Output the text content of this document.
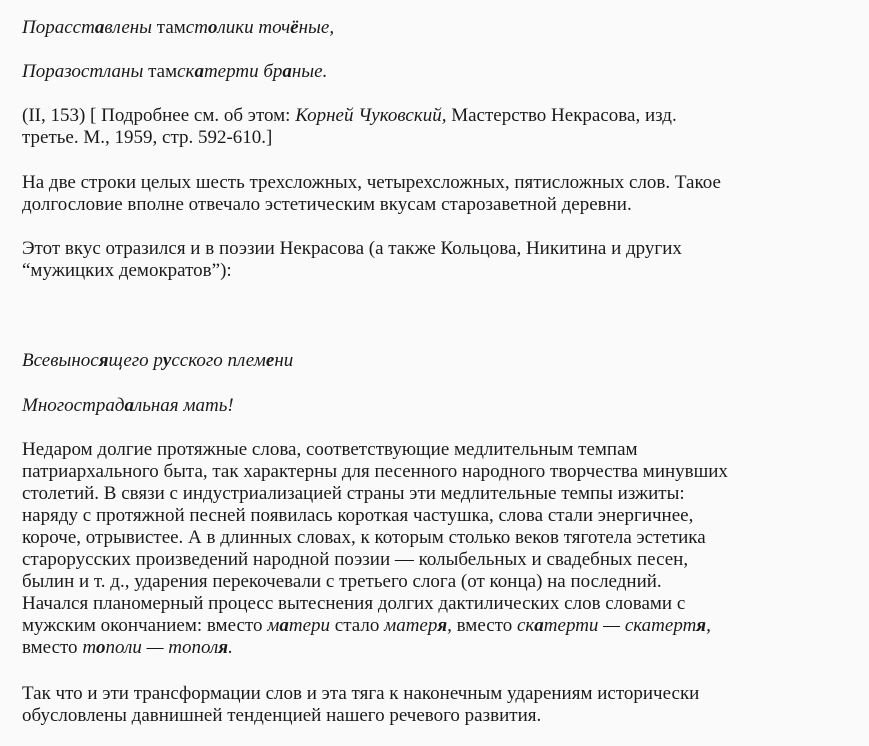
Порасставлены тамстолики точёные,

Поразостланы тамскатерти браные.

(II, 153) [ Подробнее см. об этом: Корней Чуковский, Мастерство Некрасова, изд.

третье. М., 1959, стр. 592-610.]

На две строки целых шесть трехсложных, четырехсложных, пятисложных слов. Такое

долгословие вполне отвечало эстетическим вкусам старозаветной деревни.

Этот вкус отразился и в поэзии Некрасова (а также Кольцова, Никитина и других

“мужицких демократов”):

Всевыносящего русского племени

Многострадальная мать!

Недаром долгие протяжные слова, соответствующие медлительным темпам

патриархального быта, так характерны для песенного народного творчества минувших

столетий. В связи с индустриализацией страны эти медлительные темпы изжиты:

наряду с протяжной песней появилась короткая частушка, слова стали энергичнее,

короче, отрывистее. А в длинных словах, к которым столько веков тяготела эстетика

старорусских произведений народной поэзии — колыбельных и свадебных песен,

былин и т. д., ударения перекочевали с третьего слога (от конца) на последний.

Начался планомерный процесс вытеснения долгих дактилических слов словами с

мужским окончанием: вместо матери стало матеря, вместо скатерти — скатертя,

вместо тополи — тополя.

Так что и эти трансформации слов и эта тяга к наконечным ударениям исторически

обусловлены давнишней тенденцией нашего речевого развития.
